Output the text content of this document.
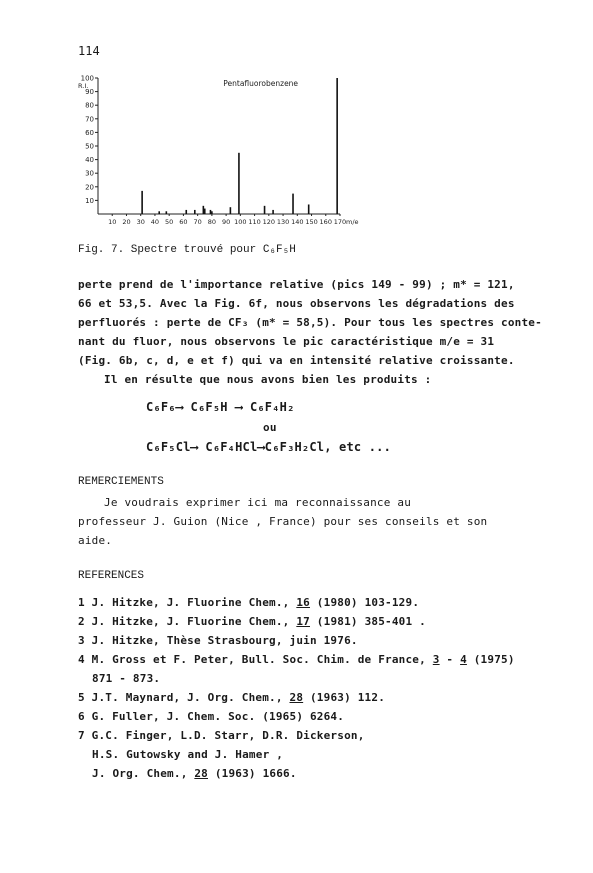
114
100
90
80
70
60
50
40
30
20
10
R.I.
10 20 30 40 50 60 70 80 90 100 110 120 130 140 150 160 170 m/e
Pentafluorobenzene
Fig. 7. Spectre trouvé pour C₆F₅H
perte prend de l'importance relative (pics 149 - 99) ; m* = 121,
66 et 53,5. Avec la Fig. 6f, nous observons les dégradations des
perfluorés : perte de CF₃ (m* = 58,5). Pour tous les spectres conte-
nant du fluor, nous observons le pic caractéristique m/e = 31
(Fig. 6b, c, d, e et f) qui va en intensité relative croissante.
Il en résulte que nous avons bien les produits :
C₆F₆⟶ C₆F₅H ⟶ C₆F₄H₂
ou
C₆F₅Cl⟶ C₆F₄HCl⟶C₆F₃H₂Cl, etc ...
REMERCIEMENTS
Je voudrais exprimer ici ma reconnaissance au
professeur J. Guion (Nice , France) pour ses conseils et son
aide.
REFERENCES
1 J. Hitzke, J. Fluorine Chem., 16 (1980) 103-129.
2 J. Hitzke, J. Fluorine Chem., 17 (1981) 385-401 .
3 J. Hitzke, Thèse Strasbourg, juin 1976.
4 M. Gross et F. Peter, Bull. Soc. Chim. de France, 3 - 4 (1975)
871 - 873.
5 J.T. Maynard, J. Org. Chem., 28 (1963) 112.
6 G. Fuller, J. Chem. Soc. (1965) 6264.
7 G.C. Finger, L.D. Starr, D.R. Dickerson,
H.S. Gutowsky and J. Hamer ,
J. Org. Chem., 28 (1963) 1666.
